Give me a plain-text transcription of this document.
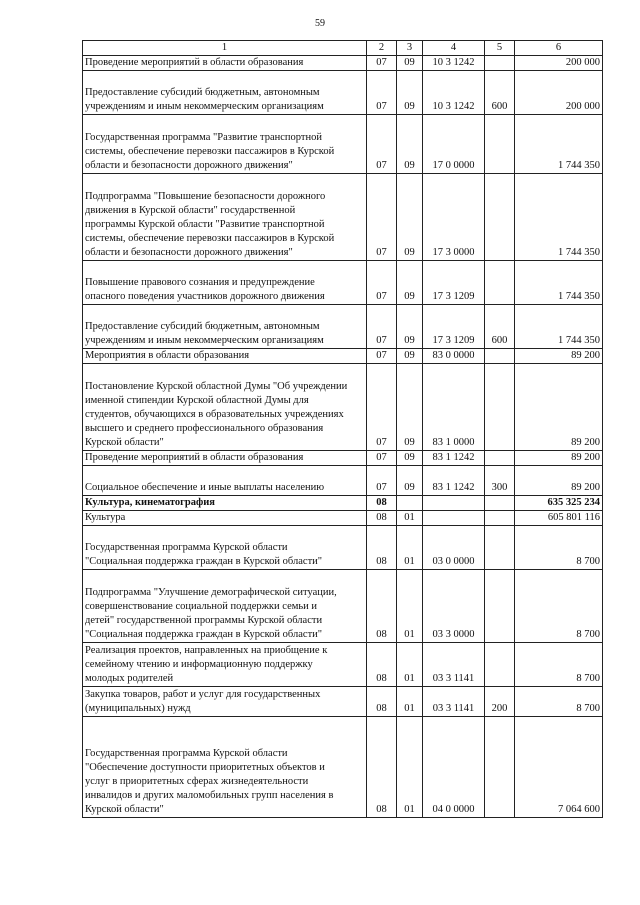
59
1	2	3	4	5	6
Проведение мероприятий в области образования	07	09	10 3 1242		200 000

Предоставление субсидий бюджетным, автономным
учреждениям и иным некоммерческим организациям	07	09	10 3 1242	600	200 000

Государственная программа "Развитие транспортной
системы, обеспечение перевозки пассажиров в Курской
области и безопасности дорожного движения"	07	09	17 0 0000		1 744 350

Подпрограмма "Повышение безопасности дорожного
движения в Курской области" государственной
программы Курской области "Развитие транспортной
системы, обеспечение перевозки пассажиров в Курской
области и безопасности дорожного движения"	07	09	17 3 0000		1 744 350

Повышение правового сознания и предупреждение
опасного поведения участников дорожного движения	07	09	17 3 1209		1 744 350

Предоставление субсидий бюджетным, автономным
учреждениям и иным некоммерческим организациям	07	09	17 3 1209	600	1 744 350
Мероприятия в области образования	07	09	83 0 0000		89 200

Постановление Курской областной Думы "Об учреждении
именной стипендии Курской областной Думы для
студентов, обучающихся в образовательных учреждениях
высшего и среднего профессионального образования
Курской области"	07	09	83 1 0000		89 200
Проведение мероприятий в области образования	07	09	83 1 1242		89 200

Социальное обеспечение и иные выплаты населению	07	09	83 1 1242	300	89 200
Культура, кинематография	08				635 325 234
Культура	08	01			605 801 116

Государственная программа Курской области
"Социальная поддержка граждан в Курской области"	08	01	03 0 0000		8 700

Подпрограмма "Улучшение демографической ситуации,
совершенствование социальной поддержки семьи и
детей" государственной программы Курской области
"Социальная поддержка граждан в Курской области"	08	01	03 3 0000		8 700
Реализация проектов, направленных на приобщение к
семейному чтению и информационную поддержку
молодых родителей	08	01	03 3 1141		8 700
Закупка товаров, работ и услуг для государственных
(муниципальных) нужд	08	01	03 3 1141	200	8 700

Государственная программа Курской области
"Обеспечение доступности приоритетных объектов и
услуг в приоритетных сферах жизнедеятельности
инвалидов и других маломобильных групп населения в
Курской области"	08	01	04 0 0000		7 064 600
